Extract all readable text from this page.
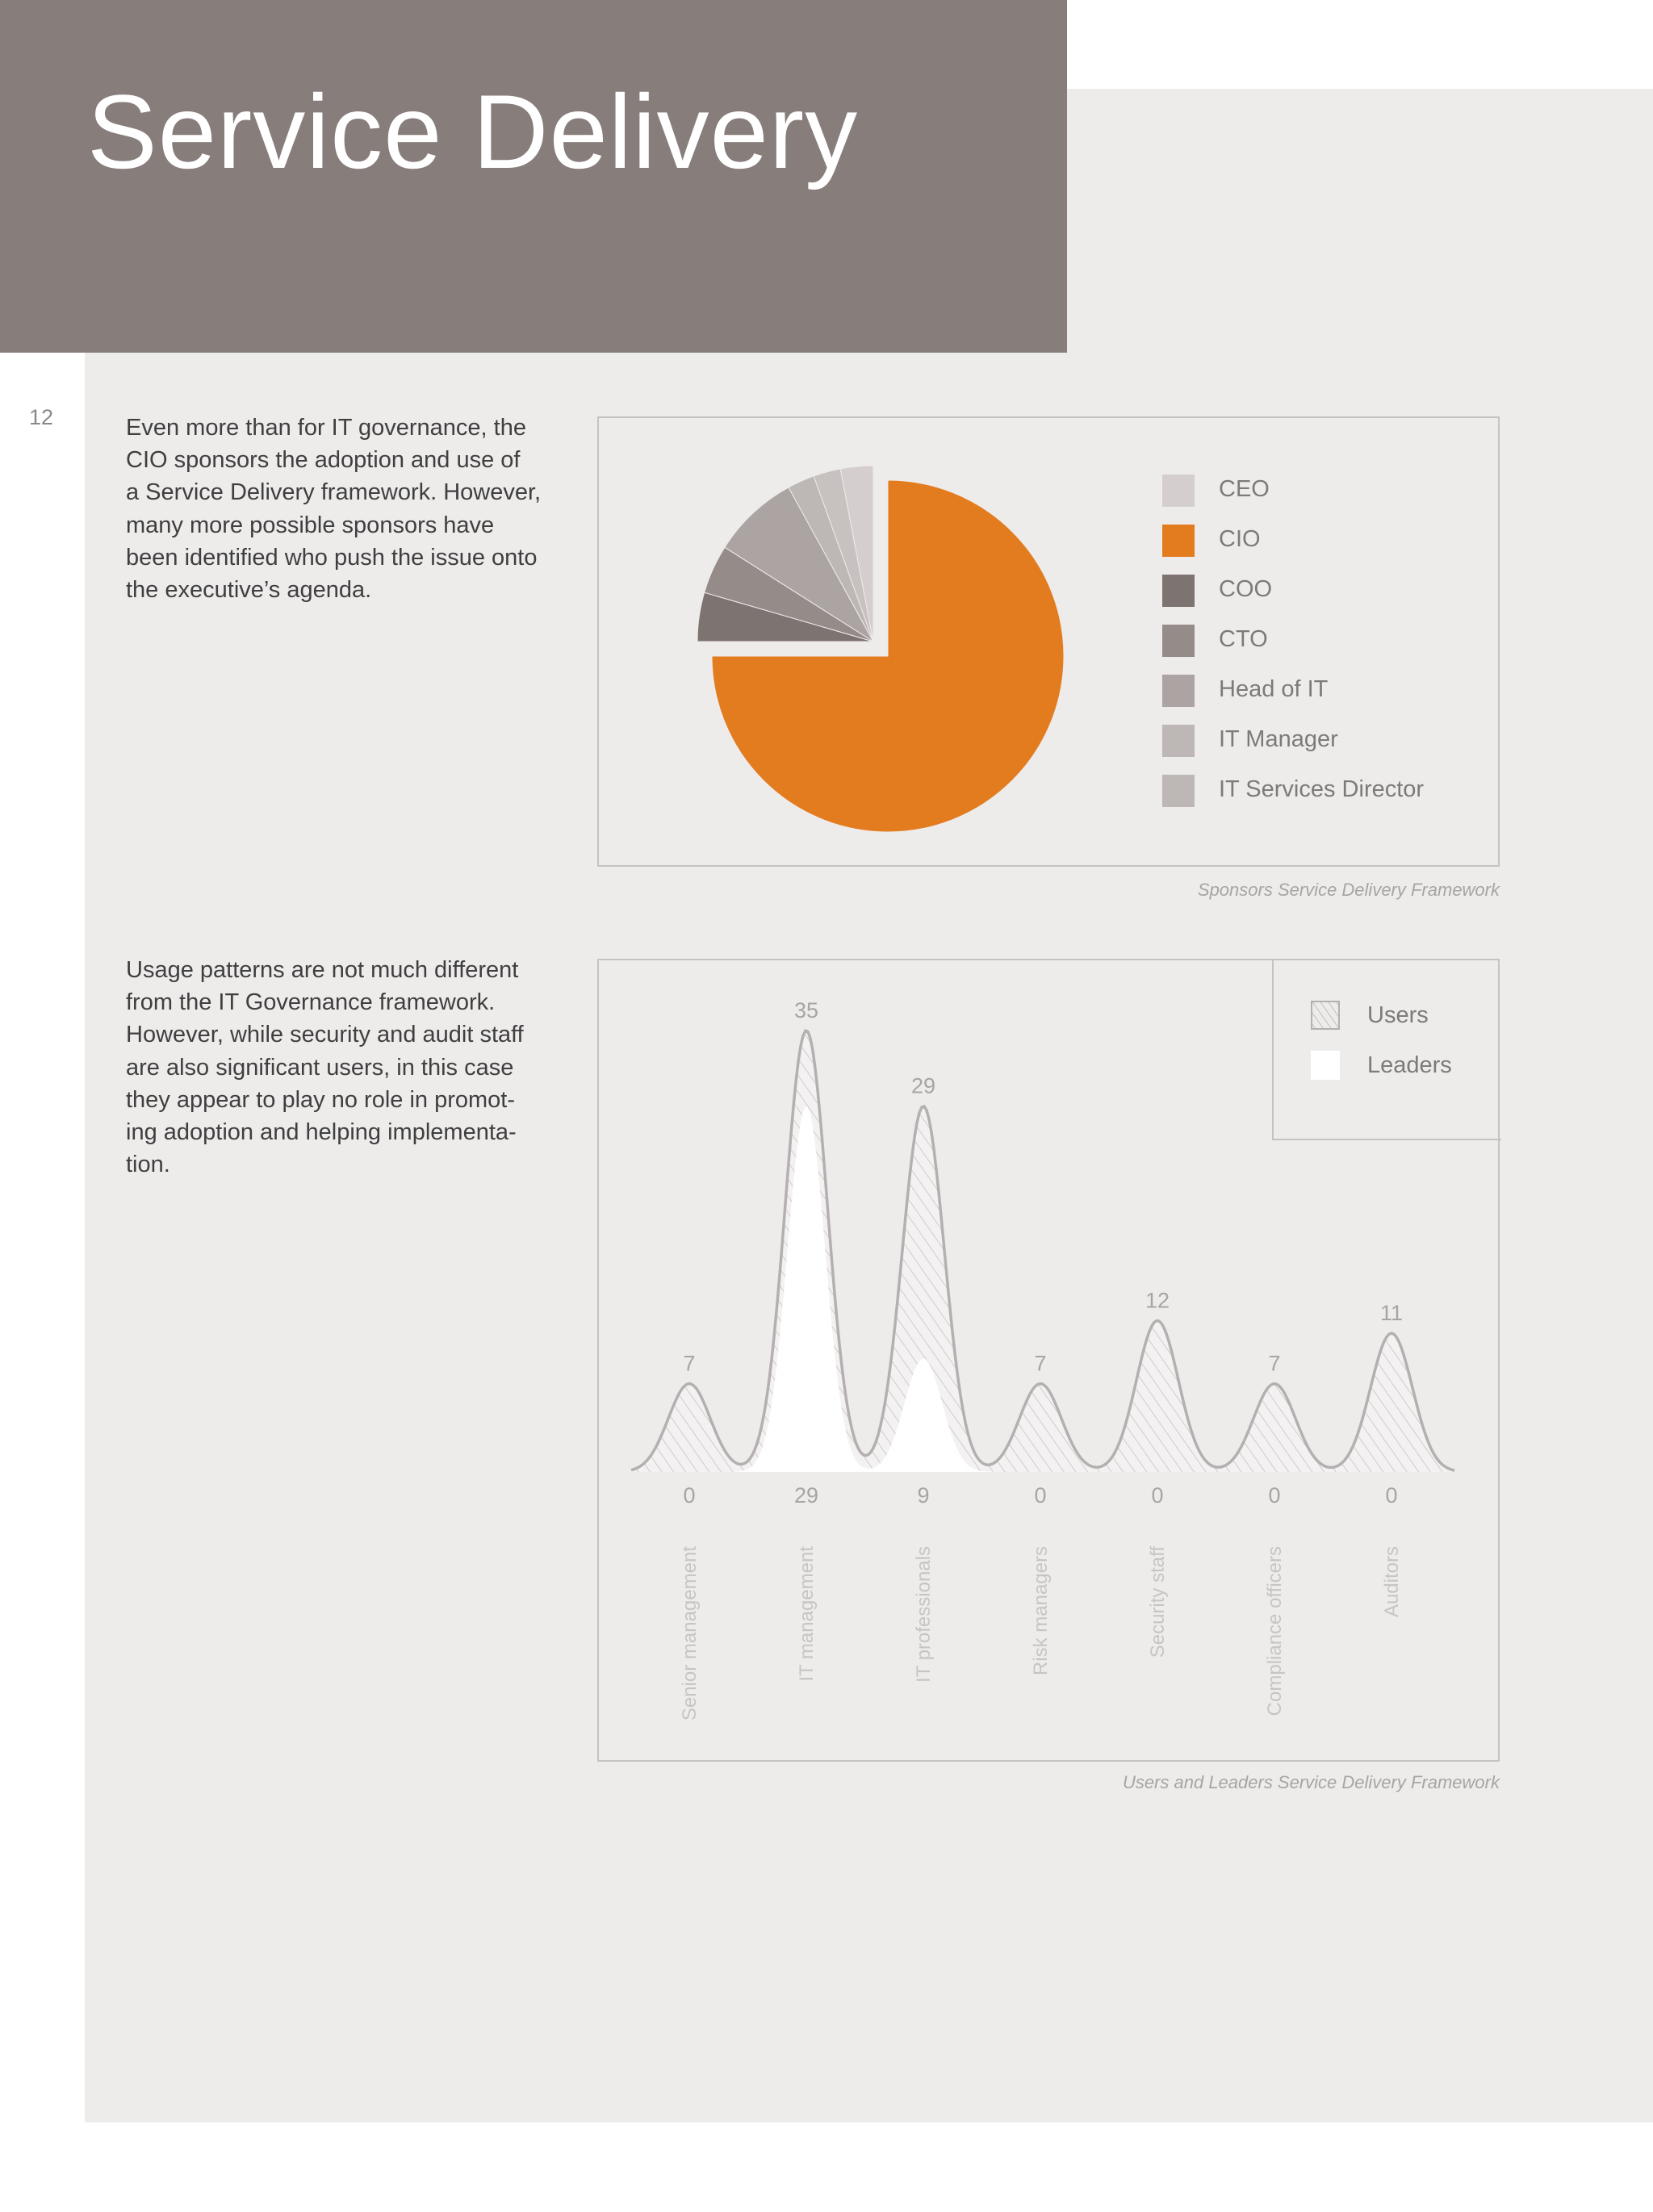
Service Delivery
12	Even more than for IT governance, the
CIO sponsors the adoption and use of
a Service Delivery framework. However,
many more possible sponsors have
been identified who push the issue onto
the executive’s agenda.

Usage patterns are not much different
from the IT Governance framework.
However, while security and audit staff
are also significant users, in this case
they appear to play no role in promot-
ing adoption and helping implementa-
tion.

CEO
CIO
COO
CTO
Head of IT
IT Manager
IT Services Director
Sponsors Service Delivery Framework
7
35
29
7
12
7
11
0	29	9	0	0	0	0
Senior management	IT management	IT professionals	Risk managers	Security staff	Compliance officers	Auditors
Users
Leaders
Users and Leaders Service Delivery Framework
